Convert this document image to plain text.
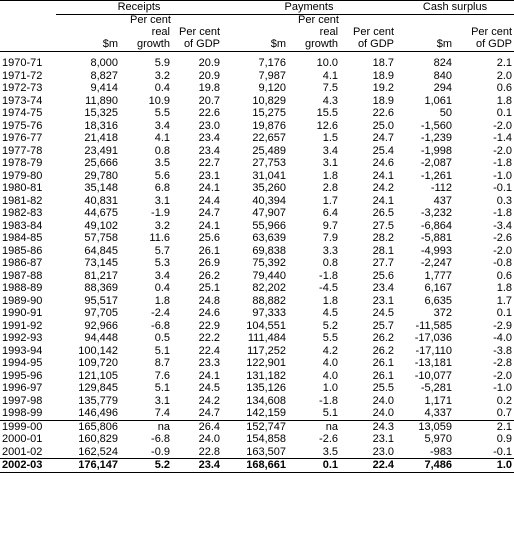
	Receipts			Payments			Cash surplus	
		Per cent			Per cent			
		real	Per cent		real	Per cent		Per cent
	$m	growth	of GDP	$m	growth	of GDP	$m	of GDP

1970-71	8,000	5.9	20.9	7,176	10.0	18.7	824	2.1
1971-72	8,827	3.2	20.9	7,987	4.1	18.9	840	2.0
1972-73	9,414	0.4	19.8	9,120	7.5	19.2	294	0.6
1973-74	11,890	10.9	20.7	10,829	4.3	18.9	1,061	1.8
1974-75	15,325	5.5	22.6	15,275	15.5	22.6	50	0.1
1975-76	18,316	3.4	23.0	19,876	12.6	25.0	-1,560	-2.0
1976-77	21,418	4.1	23.4	22,657	1.5	24.7	-1,239	-1.4
1977-78	23,491	0.8	23.4	25,489	3.4	25.4	-1,998	-2.0
1978-79	25,666	3.5	22.7	27,753	3.1	24.6	-2,087	-1.8
1979-80	29,780	5.6	23.1	31,041	1.8	24.1	-1,261	-1.0
1980-81	35,148	6.8	24.1	35,260	2.8	24.2	-112	-0.1
1981-82	40,831	3.1	24.4	40,394	1.7	24.1	437	0.3
1982-83	44,675	-1.9	24.7	47,907	6.4	26.5	-3,232	-1.8
1983-84	49,102	3.2	24.1	55,966	9.7	27.5	-6,864	-3.4
1984-85	57,758	11.6	25.6	63,639	7.9	28.2	-5,881	-2.6
1985-86	64,845	5.7	26.1	69,838	3.3	28.1	-4,993	-2.0
1986-87	73,145	5.3	26.9	75,392	0.8	27.7	-2,247	-0.8
1987-88	81,217	3.4	26.2	79,440	-1.8	25.6	1,777	0.6
1988-89	88,369	0.4	25.1	82,202	-4.5	23.4	6,167	1.8
1989-90	95,517	1.8	24.8	88,882	1.8	23.1	6,635	1.7
1990-91	97,705	-2.4	24.6	97,333	4.5	24.5	372	0.1
1991-92	92,966	-6.8	22.9	104,551	5.2	25.7	-11,585	-2.9
1992-93	94,448	0.5	22.2	111,484	5.5	26.2	-17,036	-4.0
1993-94	100,142	5.1	22.4	117,252	4.2	26.2	-17,110	-3.8
1994-95	109,720	8.7	23.3	122,901	4.0	26.1	-13,181	-2.8
1995-96	121,105	7.6	24.1	131,182	4.0	26.1	-10,077	-2.0
1996-97	129,845	5.1	24.5	135,126	1.0	25.5	-5,281	-1.0
1997-98	135,779	3.1	24.2	134,608	-1.8	24.0	1,171	0.2
1998-99	146,496	7.4	24.7	142,159	5.1	24.0	4,337	0.7
1999-00	165,806	na	26.4	152,747	na	24.3	13,059	2.1
2000-01	160,829	-6.8	24.0	154,858	-2.6	23.1	5,970	0.9
2001-02	162,524	-0.9	22.8	163,507	3.5	23.0	-983	-0.1
2002-03	176,147	5.2	23.4	168,661	0.1	22.4	7,486	1.0
